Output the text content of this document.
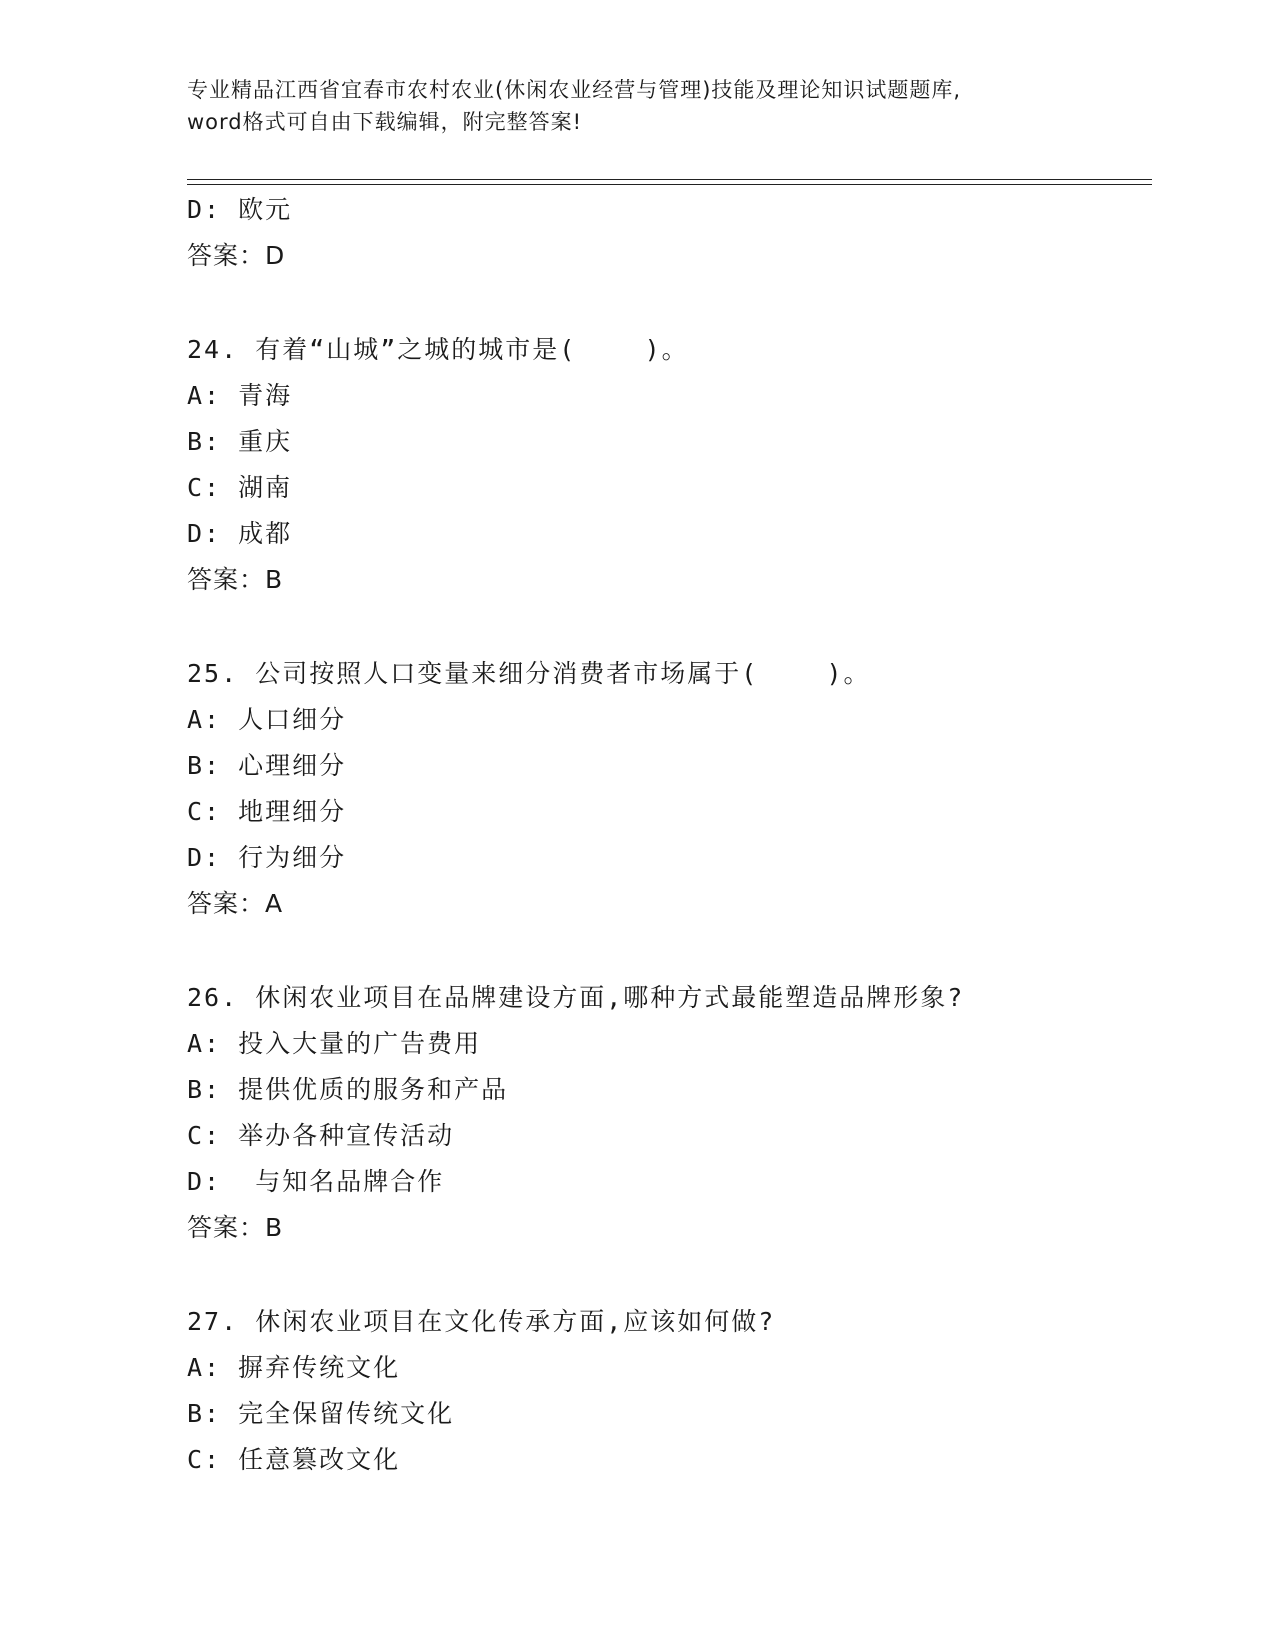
专业精品江西省宜春市农村农业(休闲农业经营与管理)技能及理论知识试题题库,
word格式可自由下载编辑，附完整答案!
D: 欧元
答案：D
24. 有着“山城”之城的城市是(    )。
A: 青海
B: 重庆
C: 湖南
D: 成都
答案：B
25. 公司按照人口变量来细分消费者市场属于(    )。
A: 人口细分
B: 心理细分
C: 地理细分
D: 行为细分
答案：A
26. 休闲农业项目在品牌建设方面,哪种方式最能塑造品牌形象?
A: 投入大量的广告费用
B: 提供优质的服务和产品
C: 举办各种宣传活动
D:  与知名品牌合作
答案：B
27. 休闲农业项目在文化传承方面,应该如何做?
A: 摒弃传统文化
B: 完全保留传统文化
C: 任意篡改文化
